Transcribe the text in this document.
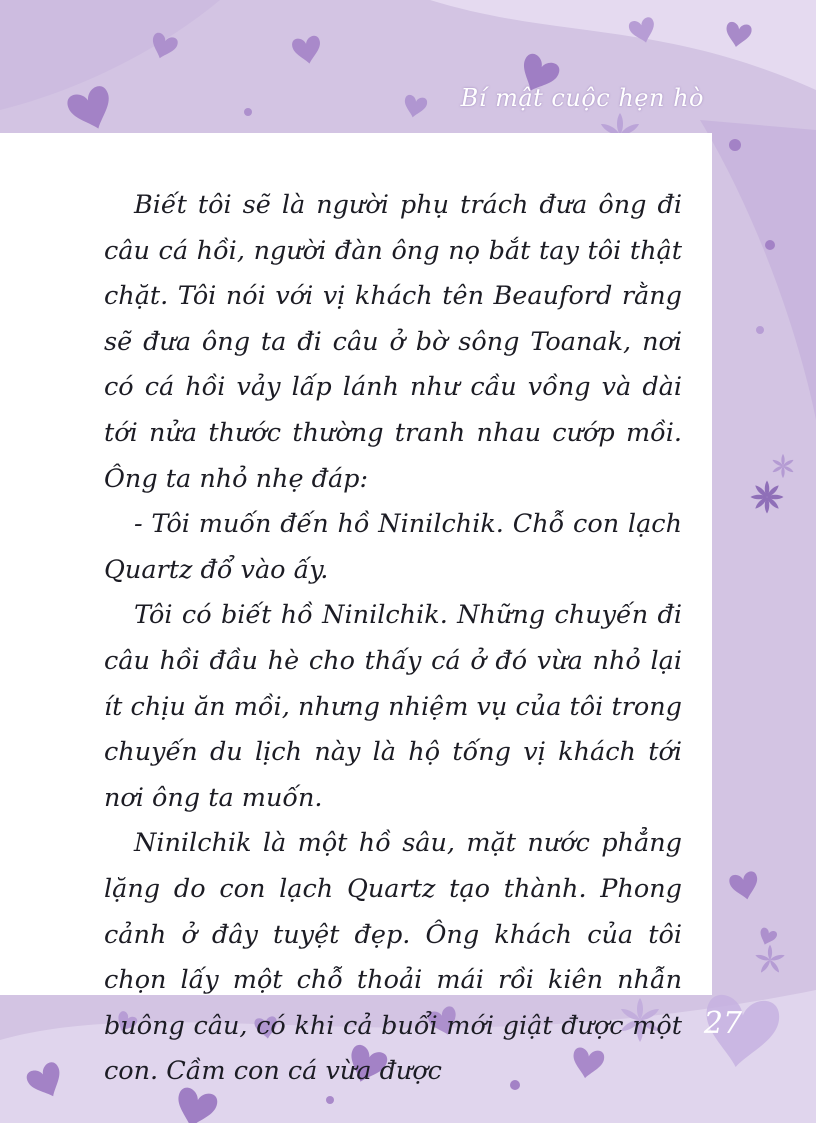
Bí mật cuộc hẹn hò

Biết tôi sẽ là người phụ trách đưa ông đi câu cá hồi, người đàn ông nọ bắt tay tôi thật chặt. Tôi nói với vị khách tên Beauford rằng sẽ đưa ông ta đi câu ở bờ sông Toanak, nơi có cá hồi vảy lấp lánh như cầu vồng và dài tới nửa thước thường tranh nhau cướp mồi. Ông ta nhỏ nhẹ đáp:

- Tôi muốn đến hồ Ninilchik. Chỗ con lạch Quartz đổ vào ấy.

Tôi có biết hồ Ninilchik. Những chuyến đi câu hồi đầu hè cho thấy cá ở đó vừa nhỏ lại ít chịu ăn mồi, nhưng nhiệm vụ của tôi trong chuyến du lịch này là hộ tống vị khách tới nơi ông ta muốn.

Ninilchik là một hồ sâu, mặt nước phẳng lặng do con lạch Quartz tạo thành. Phong cảnh ở đây tuyệt đẹp. Ông khách của tôi chọn lấy một chỗ thoải mái rồi kiên nhẫn buông câu, có khi cả buổi mới giật được một con. Cầm con cá vừa được

27
